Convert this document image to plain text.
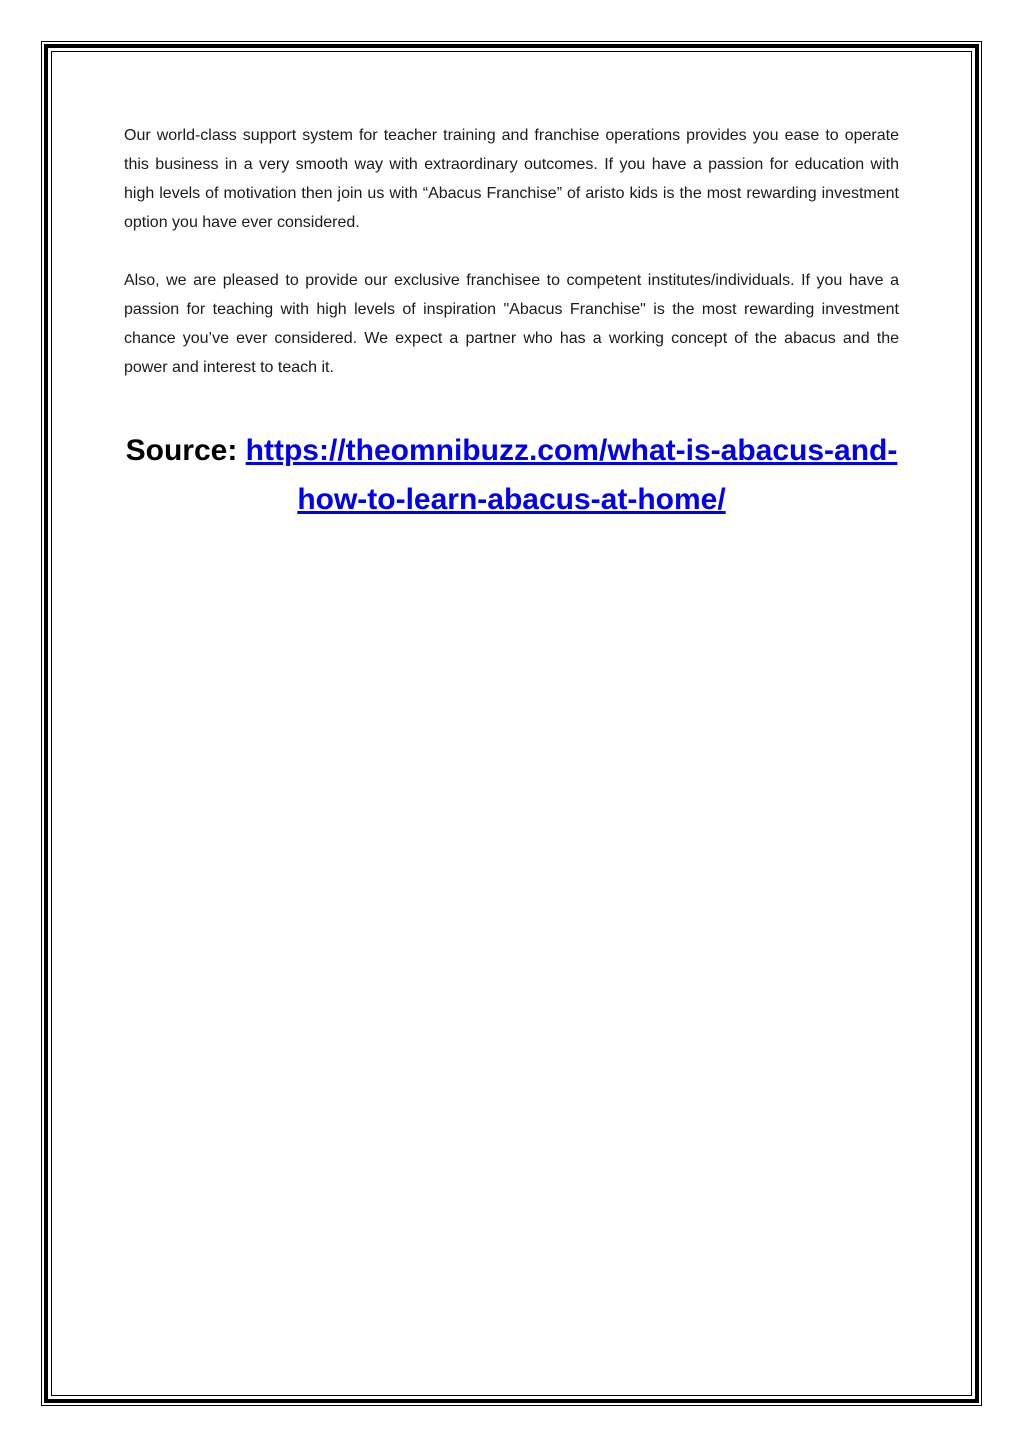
Our world-class support system for teacher training and franchise operations provides you ease to operate this business in a very smooth way with extraordinary outcomes. If you have a passion for education with high levels of motivation then join us with “Abacus Franchise” of aristo kids is the most rewarding investment option you have ever considered.

Also, we are pleased to provide our exclusive franchisee to competent institutes/individuals. If you have a passion for teaching with high levels of inspiration "Abacus Franchise" is the most rewarding investment chance you’ve ever considered. We expect a partner who has a working concept of the abacus and the power and interest to teach it.

Source: https://theomnibuzz.com/what-is-abacus-and-how-to-learn-abacus-at-home/
